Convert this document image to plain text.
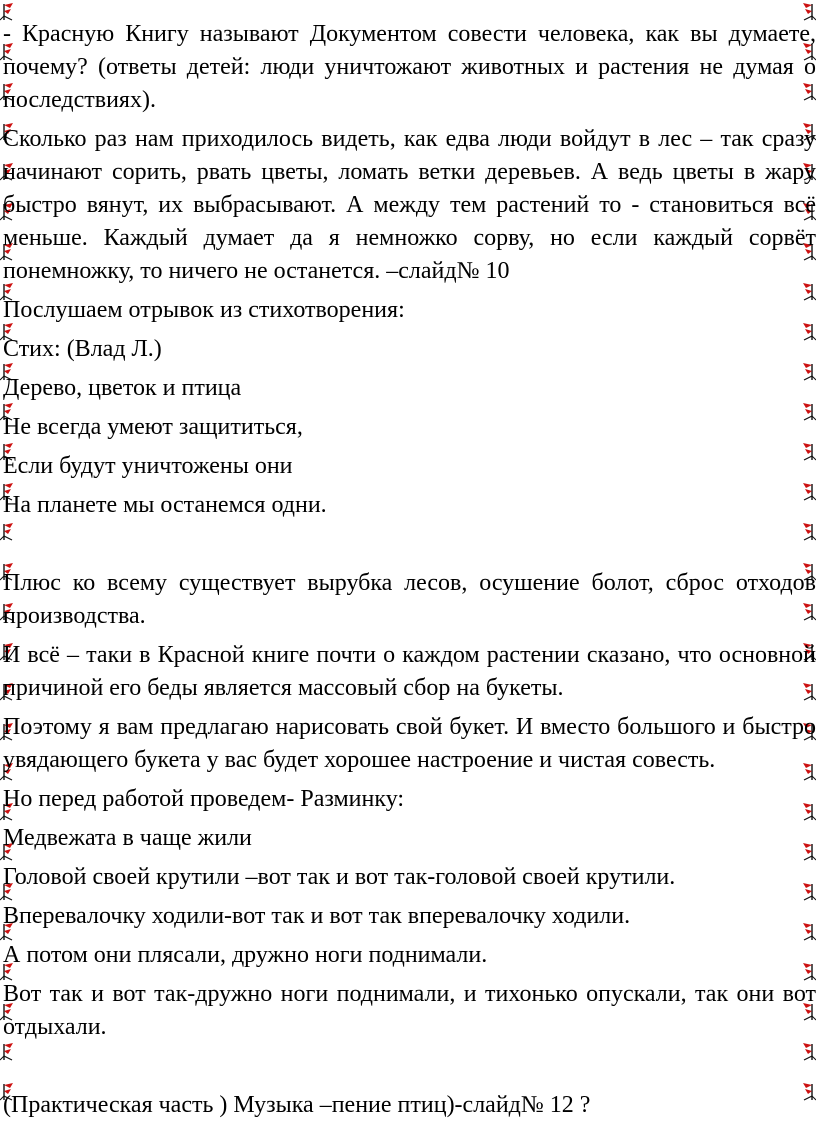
- Красную Книгу называют Документом совести человека, как вы думаете, почему? (ответы детей: люди уничтожают животных и растения не думая о последствиях).

Сколько раз нам приходилось видеть, как едва люди войдут в лес – так сразу начинают сорить, рвать цветы, ломать ветки деревьев. А ведь цветы в жару быстро вянут, их выбрасывают. А между тем растений то - становиться всё меньше. Каждый думает да я немножко сорву, но если каждый сорвёт понемножку, то ничего не останется. –слайд№ 10

Послушаем отрывок из стихотворения:

Стих: (Влад Л.)

Дерево, цветок и птица

Не всегда умеют защититься,

Если будут уничтожены они

На планете мы останемся одни.

Плюс ко всему существует вырубка лесов, осушение болот, сброс отходов производства.

И всё – таки в Красной книге почти о каждом растении сказано, что основной причиной его беды является массовый сбор на букеты.

Поэтому я вам предлагаю нарисовать свой букет. И вместо большого и быстро увядающего букета у вас будет хорошее настроение и чистая совесть.

Но перед работой проведем- Разминку:

Медвежата в чаще жили

Головой своей крутили –вот так и вот так-головой своей крутили.

Вперевалочку ходили-вот так и вот так вперевалочку ходили.

А потом они плясали, дружно ноги поднимали.

Вот так и вот так-дружно ноги поднимали, и тихонько опускали, так они вот отдыхали.

(Практическая часть ) Музыка –пение птиц)-слайд№ 12 ?
